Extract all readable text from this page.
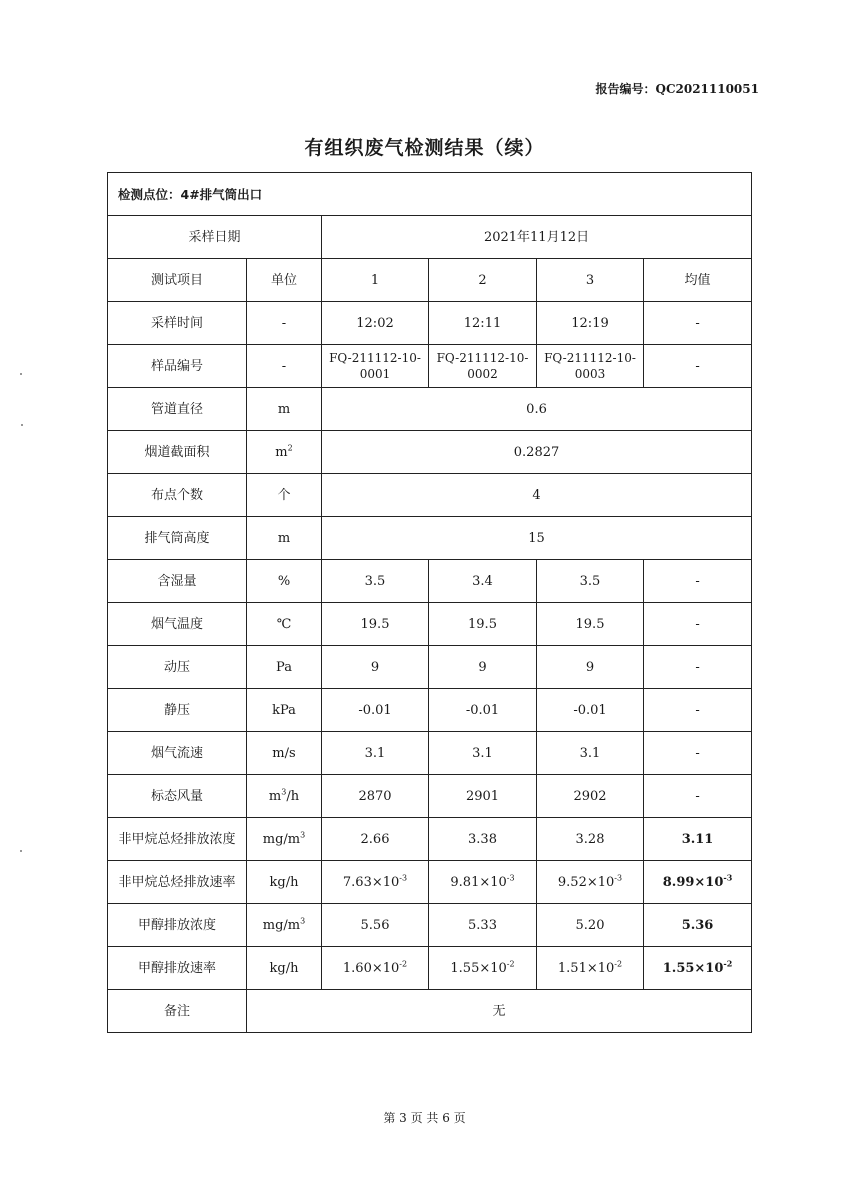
报告编号：QC2021110051
有组织废气检测结果（续）
检测点位：4#排气筒出口					
采样日期		2021年11月12日			
测试项目	单位	1	2	3	均值
采样时间	-	12:02	12:11	12:19	-
样品编号	-	FQ-211112-10-0001	FQ-211112-10-0002	FQ-211112-10-0003	-
管道直径	m	0.6			
烟道截面积	$m^2$	0.2827			
布点个数	个	4			
排气筒高度	m	15			
含湿量	%	3.5	3.4	3.5	-
烟气温度	℃	19.5	19.5	19.5	-
动压	Pa	9	9	9	-
静压	kPa	-0.01	-0.01	-0.01	-
烟气流速	m/s	3.1	3.1	3.1	-
标态风量	$m^3/h$	2870	2901	2902	-
非甲烷总烃排放浓度	$mg/m^3$	2.66	3.38	3.28	3.11
非甲烷总烃排放速率	kg/h	$7.63\times 10^{-3}$	$9.81\times 10^{-3}$	$9.52\times 10^{-3}$	$8.99\times 10^{-3}$
甲醇排放浓度	$mg/m^3$	5.56	5.33	5.20	5.36
甲醇排放速率	kg/h	$1.60\times 10^{-2}$	$1.55\times 10^{-2}$	$1.51\times 10^{-2}$	$1.55\times 10^{-2}$
备注	无				
第 3 页 共 6 页
